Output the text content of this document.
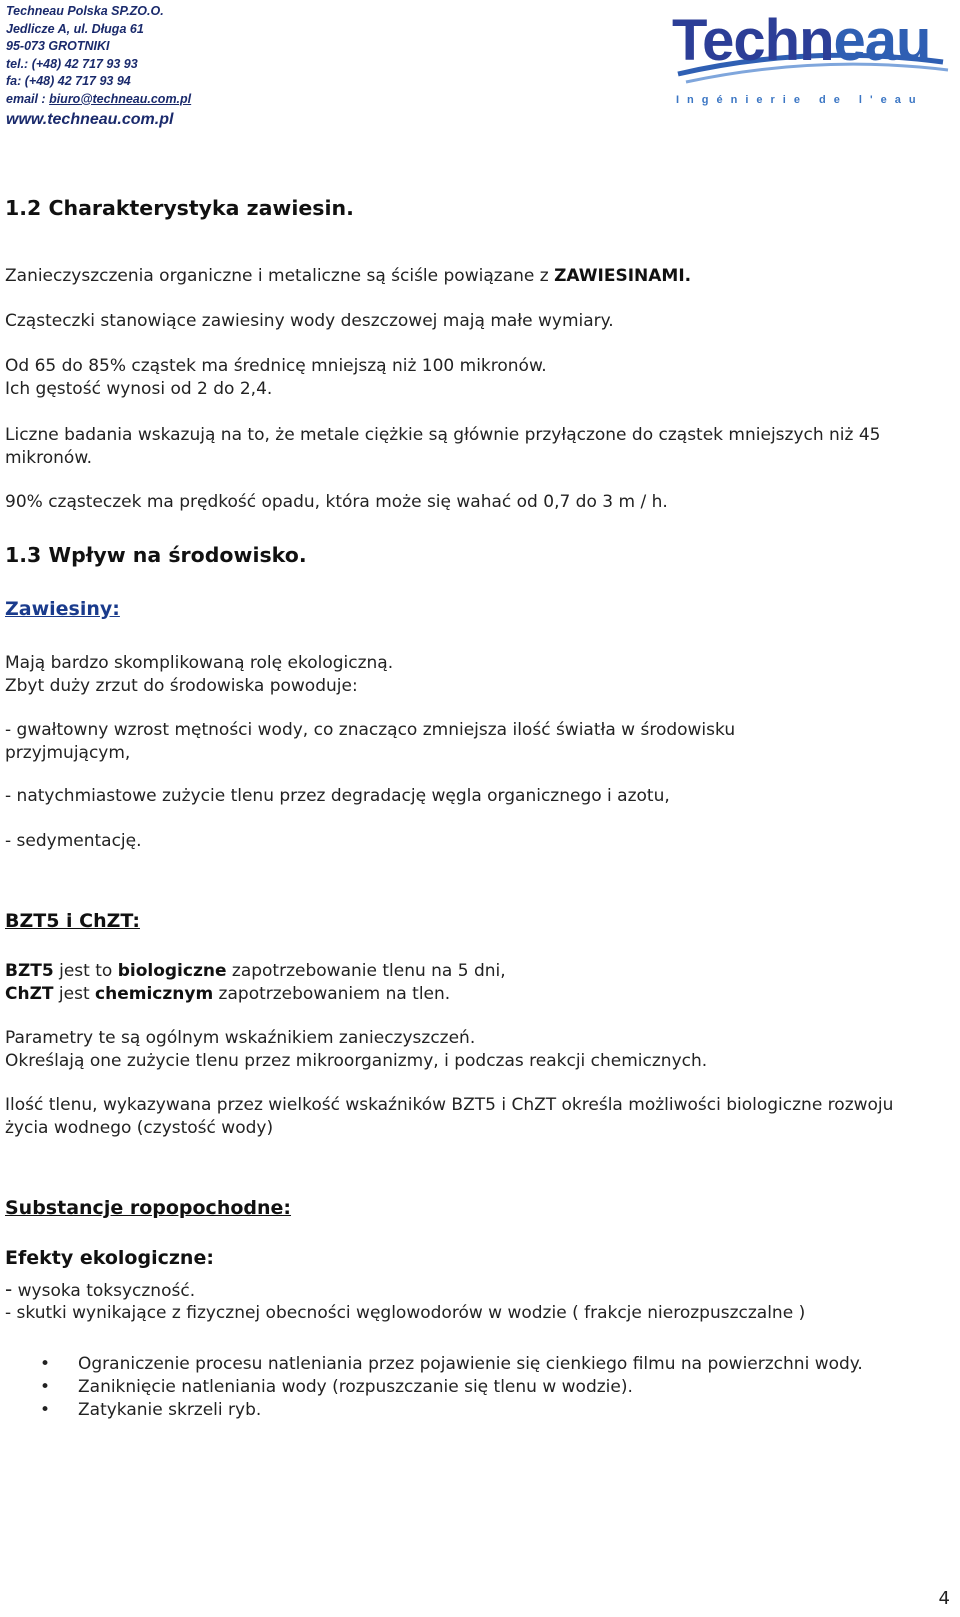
Techneau Polska SP.ZO.O.
Jedlicze A, ul. Długa 61
95-073 GROTNIKI
tel.: (+48) 42 717 93 93
fa: (+48) 42 717 93 94
email : biuro@techneau.com.pl
www.techneau.com.pl
Techneau
Ingénierie de l'eau
1.2 Charakterystyka zawiesin.
Zanieczyszczenia organiczne i metaliczne są ściśle powiązane z ZAWIESINAMI.
Cząsteczki stanowiące zawiesiny wody deszczowej mają małe wymiary.
Od 65 do 85% cząstek ma średnicę mniejszą niż 100 mikronów.
Ich gęstość wynosi od 2 do 2,4.
Liczne badania wskazują na to, że metale ciężkie są głównie przyłączone do cząstek mniejszych niż 45 mikronów.
90% cząsteczek ma prędkość opadu, która może się wahać od 0,7 do 3 m / h.
1.3 Wpływ na środowisko.
Zawiesiny:
Mają bardzo skomplikowaną rolę ekologiczną.
Zbyt duży zrzut do środowiska powoduje:
- gwałtowny wzrost mętności wody, co znacząco zmniejsza ilość światła w środowisku przyjmującym,
- natychmiastowe zużycie tlenu przez degradację węgla organicznego i azotu,
- sedymentację.
BZT5 i ChZT:
BZT5 jest to biologiczne zapotrzebowanie tlenu na 5 dni,
ChZT jest chemicznym zapotrzebowaniem na tlen.
Parametry te są ogólnym wskaźnikiem zanieczyszczeń.
Określają one zużycie tlenu przez mikroorganizmy, i podczas reakcji chemicznych.
Ilość tlenu, wykazywana przez wielkość wskaźników BZT5 i ChZT określa możliwości biologiczne rozwoju życia wodnego (czystość wody)
Substancje ropopochodne:
Efekty ekologiczne:
- wysoka toksyczność.
- skutki wynikające z fizycznej obecności węglowodorów w wodzie ( frakcje nierozpuszczalne )
• Ograniczenie procesu natleniania przez pojawienie się cienkiego filmu na powierzchni wody.
• Zaniknięcie natleniania wody (rozpuszczanie się tlenu w wodzie).
• Zatykanie skrzeli ryb.
4
